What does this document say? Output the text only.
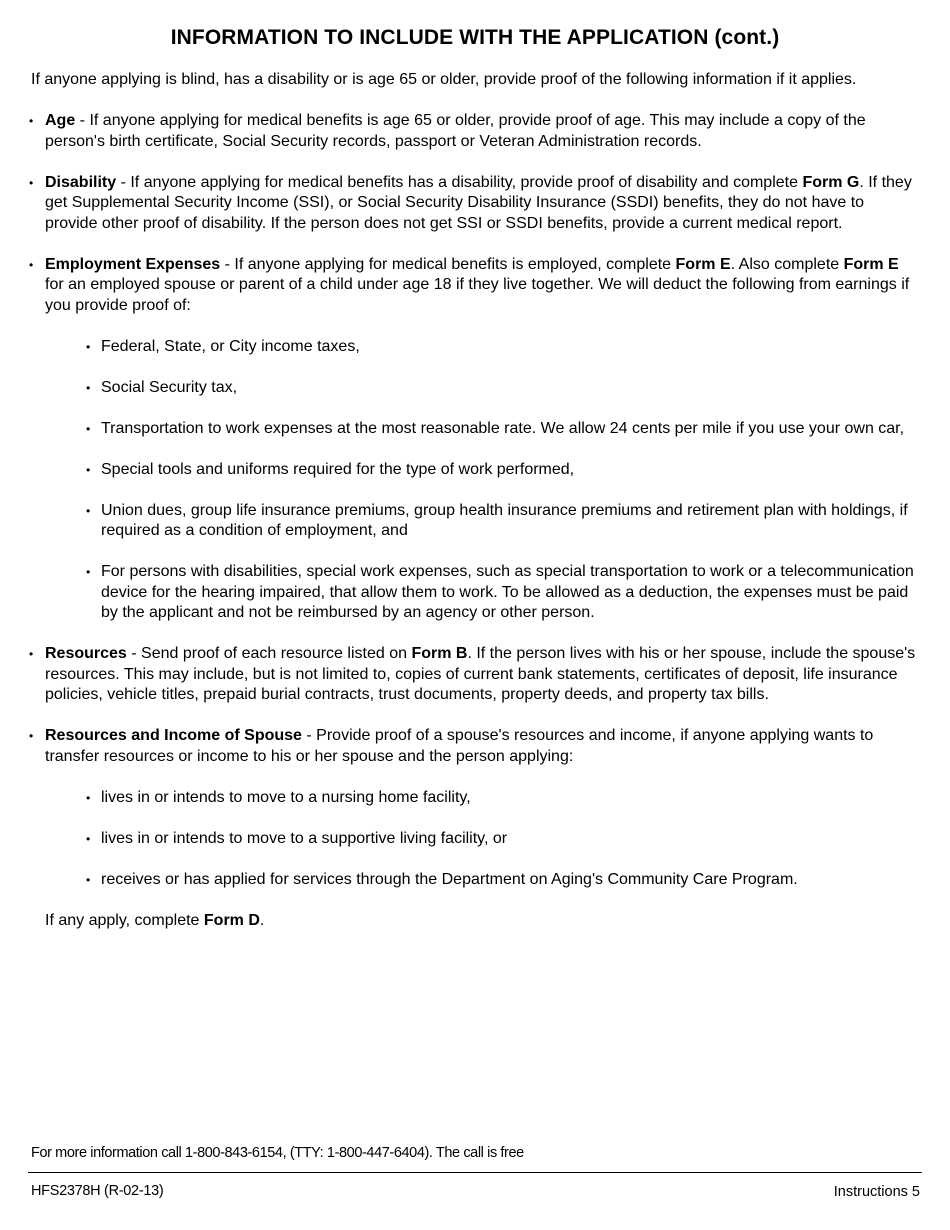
INFORMATION TO INCLUDE WITH THE APPLICATION (cont.)

If anyone applying is blind, has a disability or is age 65 or older, provide proof of the following information if it applies.

• Age - If anyone applying for medical benefits is age 65 or older, provide proof of age. This may include a copy of the person's birth certificate, Social Security records, passport or Veteran Administration records.
• Disability - If anyone applying for medical benefits has a disability, provide proof of disability and complete Form G. If they get Supplemental Security Income (SSI), or Social Security Disability Insurance (SSDI) benefits, they do not have to provide other proof of disability. If the person does not get SSI or SSDI benefits, provide a current medical report.
• Employment Expenses - If anyone applying for medical benefits is employed, complete Form E. Also complete Form E for an employed spouse or parent of a child under age 18 if they live together. We will deduct the following from earnings if you provide proof of:
• Federal, State, or City income taxes,
• Social Security tax,
• Transportation to work expenses at the most reasonable rate. We allow 24 cents per mile if you use your own car,
• Special tools and uniforms required for the type of work performed,
• Union dues, group life insurance premiums, group health insurance premiums and retirement plan with holdings, if required as a condition of employment, and
• For persons with disabilities, special work expenses, such as special transportation to work or a telecommunication device for the hearing impaired, that allow them to work. To be allowed as a deduction, the expenses must be paid by the applicant and not be reimbursed by an agency or other person.
• Resources - Send proof of each resource listed on Form B. If the person lives with his or her spouse, include the spouse's resources. This may include, but is not limited to, copies of current bank statements, certificates of deposit, life insurance policies, vehicle titles, prepaid burial contracts, trust documents, property deeds, and property tax bills.
• Resources and Income of Spouse - Provide proof of a spouse's resources and income, if anyone applying wants to transfer resources or income to his or her spouse and the person applying:
• lives in or intends to move to a nursing home facility,
• lives in or intends to move to a supportive living facility, or
• receives or has applied for services through the Department on Aging's Community Care Program.
If any apply, complete Form D.
For more information call 1-800-843-6154, (TTY: 1-800-447-6404). The call is free
HFS2378H (R-02-13)	Instructions 5
